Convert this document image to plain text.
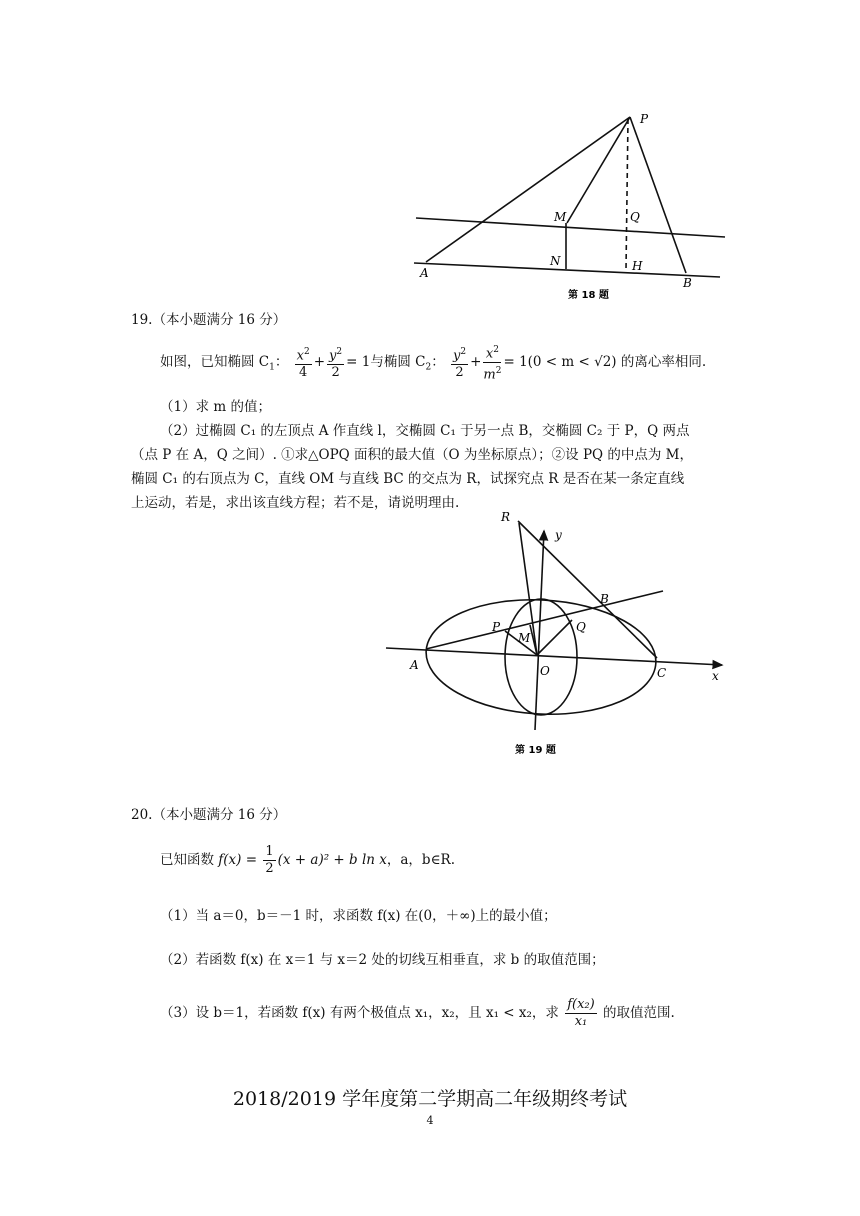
P
M	Q
N	H
A
B
第 18 题
19.（本小题满分 16 分）
如图，已知椭圆 $C_1$： $\frac{x^2}{4} + \frac{y^2}{2} = 1$与椭圆 $C_2$： $\frac{y^2}{2} + \frac{x^2}{m^2} = 1(0 < m < √2)$ 的离心率相同.
（1）求 m 的值；
（2）过椭圆 C₁ 的左顶点 A 作直线 l，交椭圆 C₁ 于另一点 B，交椭圆 C₂ 于 P，Q 两点
（点 P 在 A，Q 之间）. ①求△OPQ 面积的最大值（O 为坐标原点）；②设 PQ 的中点为 M，
椭圆 C₁ 的右顶点为 C，直线 OM 与直线 BC 的交点为 R，试探究点 R 是否在某一条定直线
上运动，若是，求出该直线方程；若不是，请说明理由.
R
y
B
P
M
Q
A	O	C	x
第 19 题
20.（本小题满分 16 分）
已知函数 $f(x) = \frac{1}{2} (x + a)^2 + b$ ln x，a，b∈R.
（1）当 a＝0，b＝－1 时，求函数 f(x) 在(0，＋∞)上的最小值；
（2）若函数 f(x) 在 x＝1 与 x＝2 处的切线互相垂直，求 b 的取值范围；
（3）设 b＝1，若函数 f(x) 有两个极值点 x₁，x₂，且 x₁ < x₂，求 $\frac{\text{f(x₂)}}{\text{x₁}}$ 的取值范围.
2018/2019 学年度第二学期高二年级期终考试
4
